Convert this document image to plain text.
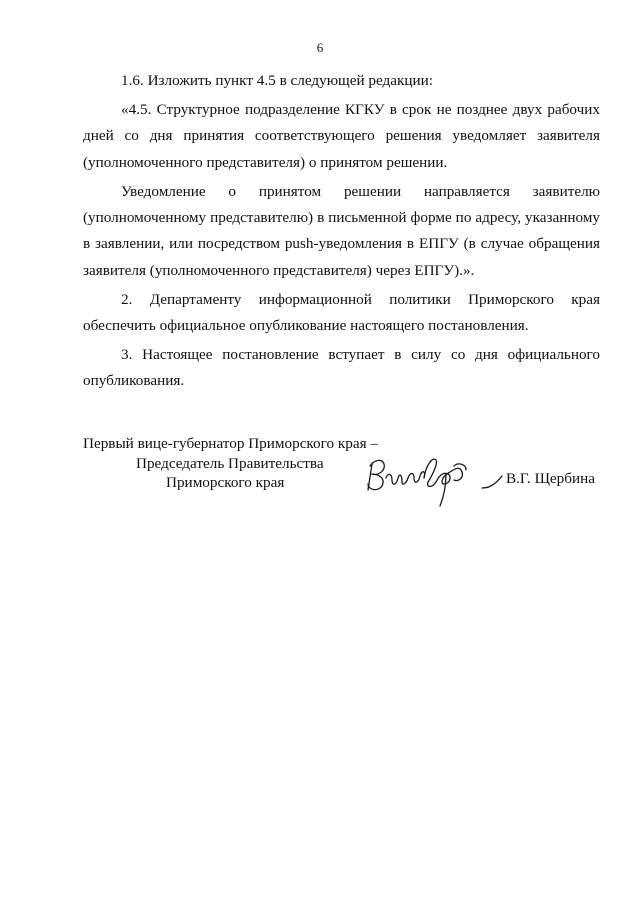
6

1.6. Изложить пункт 4.5 в следующей редакции:

«4.5. Структурное подразделение КГКУ в срок не позднее двух рабочих дней со дня принятия соответствующего решения уведомляет заявителя (уполномоченного представителя) о принятом решении.

Уведомление о принятом решении направляется заявителю (уполномоченному представителю) в письменной форме по адресу, указанному в заявлении, или посредством push-уведомления в ЕПГУ (в случае обращения заявителя (уполномоченного представителя) через ЕПГУ).».

2. Департаменту информационной политики Приморского края обеспечить официальное опубликование настоящего постановления.

3. Настоящее постановление вступает в силу со дня официального опубликования.

Первый вице-губернатор Приморского края –
Председатель Правительства
Приморского края	В.Г. Щербина
